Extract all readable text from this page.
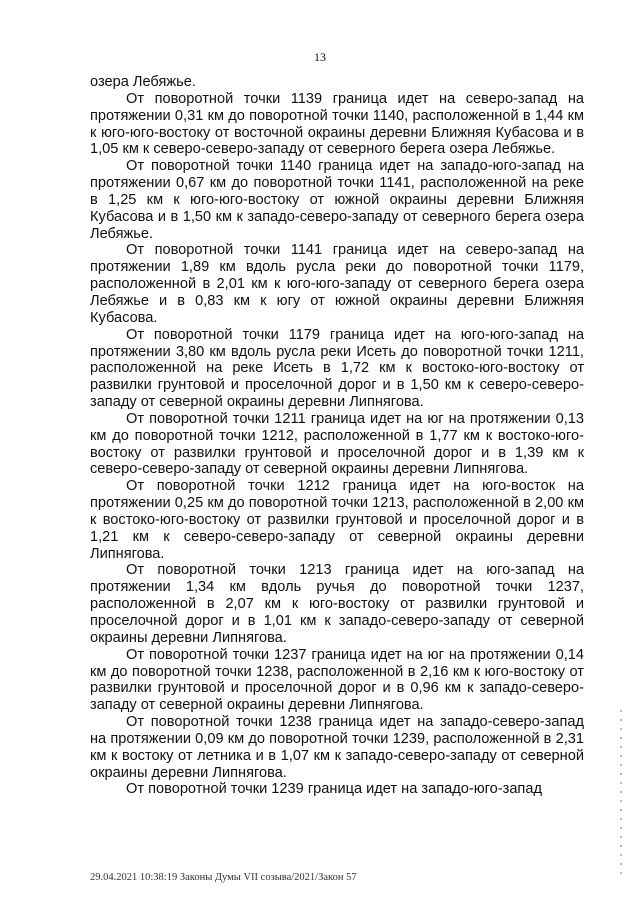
13

озера Лебяжье.

От поворотной точки 1139 граница идет на северо-запад на протяжении 0,31 км до поворотной точки 1140, расположенной в 1,44 км к юго-юго-востоку от восточной окраины деревни Ближняя Кубасова и в 1,05 км к северо-северо-западу от северного берега озера Лебяжье.

От поворотной точки 1140 граница идет на западо-юго-запад на протяжении 0,67 км до поворотной точки 1141, расположенной на реке в 1,25 км к юго-юго-востоку от южной окраины деревни Ближняя Кубасова и в 1,50 км к западо-северо-западу от северного берега озера Лебяжье.

От поворотной точки 1141 граница идет на северо-запад на протяжении 1,89 км вдоль русла реки до поворотной точки 1179, расположенной в 2,01 км к юго-юго-западу от северного берега озера Лебяжье и в 0,83 км к югу от южной окраины деревни Ближняя Кубасова.

От поворотной точки 1179 граница идет на юго-юго-запад на протяжении 3,80 км вдоль русла реки Исеть до поворотной точки 1211, расположенной на реке Исеть в 1,72 км к востоко-юго-востоку от развилки грунтовой и проселочной дорог и в 1,50 км к северо-северо-западу от северной окраины деревни Липнягова.

От поворотной точки 1211 граница идет на юг на протяжении 0,13 км до поворотной точки 1212, расположенной в 1,77 км к востоко-юго-востоку от развилки грунтовой и проселочной дорог и в 1,39 км к северо-северо-западу от северной окраины деревни Липнягова.

От поворотной точки 1212 граница идет на юго-восток на протяжении 0,25 км до поворотной точки 1213, расположенной в 2,00 км к востоко-юго-востоку от развилки грунтовой и проселочной дорог и в 1,21 км к северо-северо-западу от северной окраины деревни Липнягова.

От поворотной точки 1213 граница идет на юго-запад на протяжении 1,34 км вдоль ручья до поворотной точки 1237, расположенной в 2,07 км к юго-востоку от развилки грунтовой и проселочной дорог и в 1,01 км к западо-северо-западу от северной окраины деревни Липнягова.

От поворотной точки 1237 граница идет на юг на протяжении 0,14 км до поворотной точки 1238, расположенной в 2,16 км к юго-востоку от развилки грунтовой и проселочной дорог и в 0,96 км к западо-северо-западу от северной окраины деревни Липнягова.

От поворотной точки 1238 граница идет на западо-северо-запад на протяжении 0,09 км до поворотной точки 1239, расположенной в 2,31 км к востоку от летника и в 1,07 км к западо-северо-западу от северной окраины деревни Липнягова.

От поворотной точки 1239 граница идет на западо-юго-запад

29.04.2021 10:38:19 Законы Думы VII созыва/2021/Закон 57
